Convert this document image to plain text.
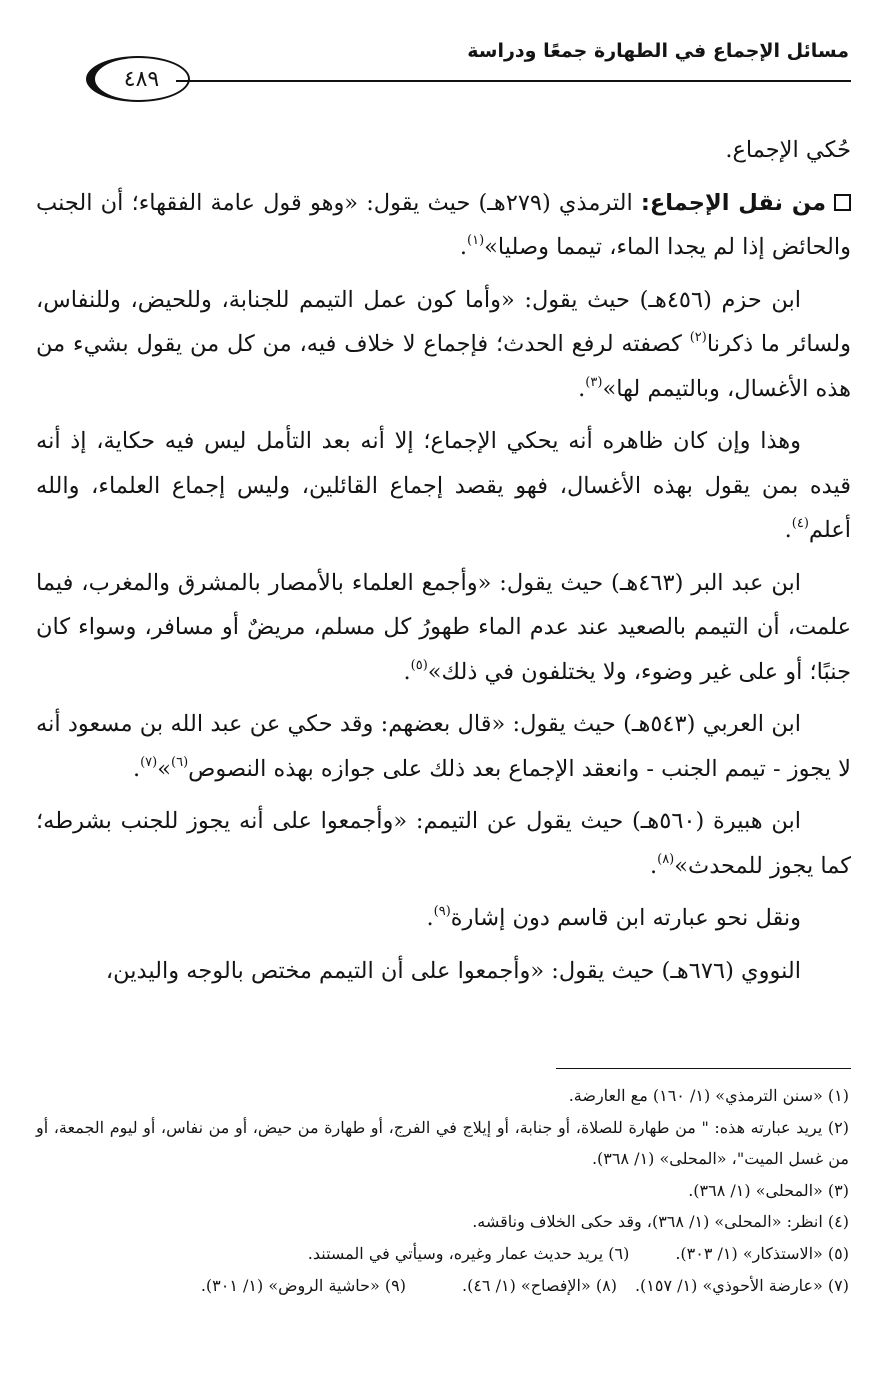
مسائل الإجماع في الطهارة جمعًا ودراسة
٤٨٩

حُكي الإجماع.

من نقل الإجماع: الترمذي (٢٧٩هـ) حيث يقول: «وهو قول عامة الفقهاء؛ أن الجنب والحائض إذا لم يجدا الماء، تيمما وصليا»$^{(١)}$.

ابن حزم (٤٥٦هـ) حيث يقول: «وأما كون عمل التيمم للجنابة، وللحيض، وللنفاس، ولسائر ما ذكرنا$^{(٢)}$ كصفته لرفع الحدث؛ فإجماع لا خلاف فيه، من كل من يقول بشيء من هذه الأغسال، وبالتيمم لها»$^{(٣)}$.

وهذا وإن كان ظاهره أنه يحكي الإجماع؛ إلا أنه بعد التأمل ليس فيه حكاية، إذ أنه قيده بمن يقول بهذه الأغسال، فهو يقصد إجماع القائلين، وليس إجماع العلماء، والله أعلم$^{(٤)}$.

ابن عبد البر (٤٦٣هـ) حيث يقول: «وأجمع العلماء بالأمصار بالمشرق والمغرب، فيما علمت، أن التيمم بالصعيد عند عدم الماء طهورُ كل مسلم، مريضٌ أو مسافر، وسواء كان جنبًا؛ أو على غير وضوء، ولا يختلفون في ذلك»$^{(٥)}$.

ابن العربي (٥٤٣هـ) حيث يقول: «قال بعضهم: وقد حكي عن عبد الله بن مسعود أنه لا يجوز - تيمم الجنب - وانعقد الإجماع بعد ذلك على جوازه بهذه النصوص$^{(٦)}$»$^{(٧)}$.

ابن هبيرة (٥٦٠هـ) حيث يقول عن التيمم: «وأجمعوا على أنه يجوز للجنب بشرطه؛ كما يجوز للمحدث»$^{(٨)}$.

ونقل نحو عبارته ابن قاسم دون إشارة$^{(٩)}$.

النووي (٦٧٦هـ) حيث يقول: «وأجمعوا على أن التيمم مختص بالوجه واليدين،

(١) «سنن الترمذي» (١/ ١٦٠) مع العارضة.

(٢) يريد عبارته هذه: " من طهارة للصلاة، أو جنابة، أو إيلاج في الفرج، أو طهارة من حيض، أو من نفاس، أو ليوم الجمعة، أو من غسل الميت"، «المحلى» (١/ ٣٦٨).

(٣) «المحلى» (١/ ٣٦٨).

(٤) انظر: «المحلى» (١/ ٣٦٨)، وقد حكى الخلاف وناقشه.

(٥) «الاستذكار» (١/ ٣٠٣).
(٦) يريد حديث عمار وغيره، وسيأتي في المستند.
(٧) «عارضة الأحوذي» (١/ ١٥٧).
(٨) «الإفصاح» (١/ ٤٦).
(٩) «حاشية الروض» (١/ ٣٠١).
